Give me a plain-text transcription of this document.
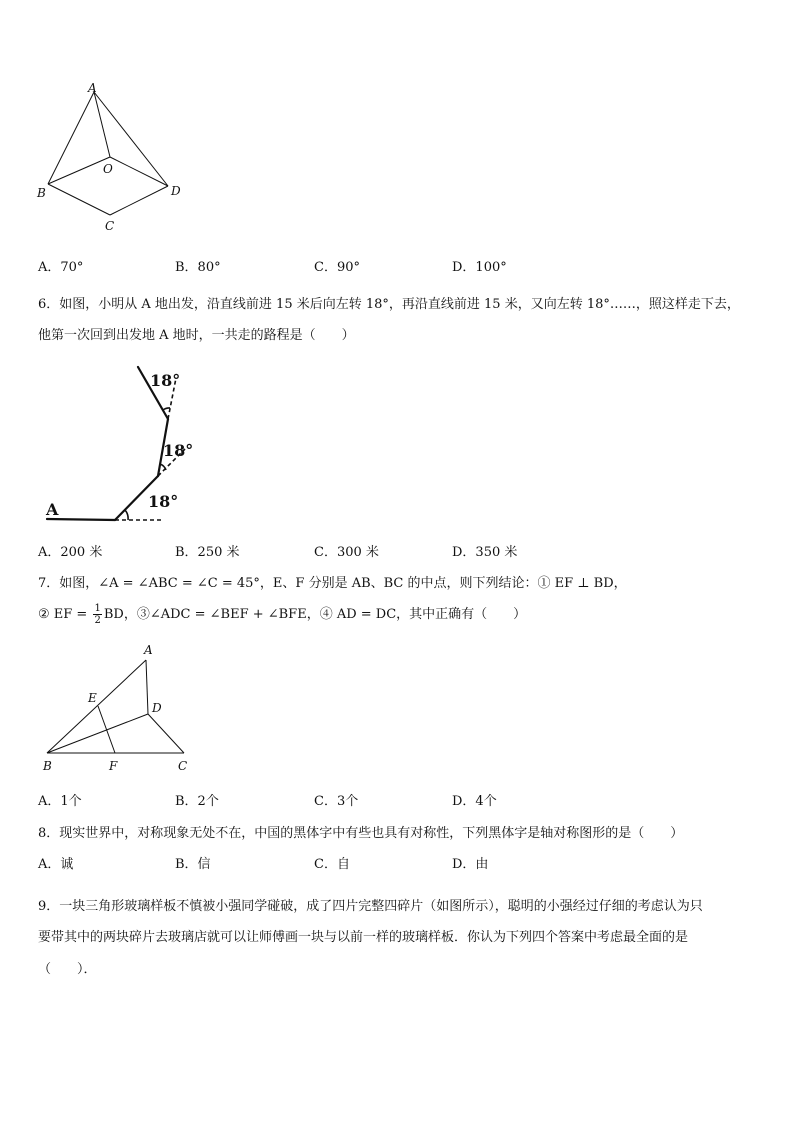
A
O
B	D
C
A．70°	B．80°	C．90°	D．100°
6．如图，小明从 A 地出发，沿直线前进 15 米后向左转 18°，再沿直线前进 15 米，又向左转 18°……，照这样走下去，
他第一次回到出发地 A 地时，一共走的路程是（　　）
A
18°
18°
18°
A．200 米	B．250 米	C．300 米	D．350 米
7．如图，∠A = ∠ABC = ∠C = 45°，E、F 分别是 AB、BC 的中点，则下列结论：① EF ⊥ BD，
② EF = $\frac{1}{2}$ BD，③∠ADC = ∠BEF + ∠BFE，④ AD = DC，其中正确有（　　）
A
E
D
B	F	C
A．1个	B．2个	C．3个	D．4个
8．现实世界中，对称现象无处不在，中国的黑体字中有些也具有对称性，下列黑体字是轴对称图形的是（　　）
A．诚	B．信	C．自	D．由
9．一块三角形玻璃样板不慎被小强同学碰破，成了四片完整四碎片（如图所示），聪明的小强经过仔细的考虑认为只
要带其中的两块碎片去玻璃店就可以让师傅画一块与以前一样的玻璃样板．你认为下列四个答案中考虑最全面的是
（　　）．
